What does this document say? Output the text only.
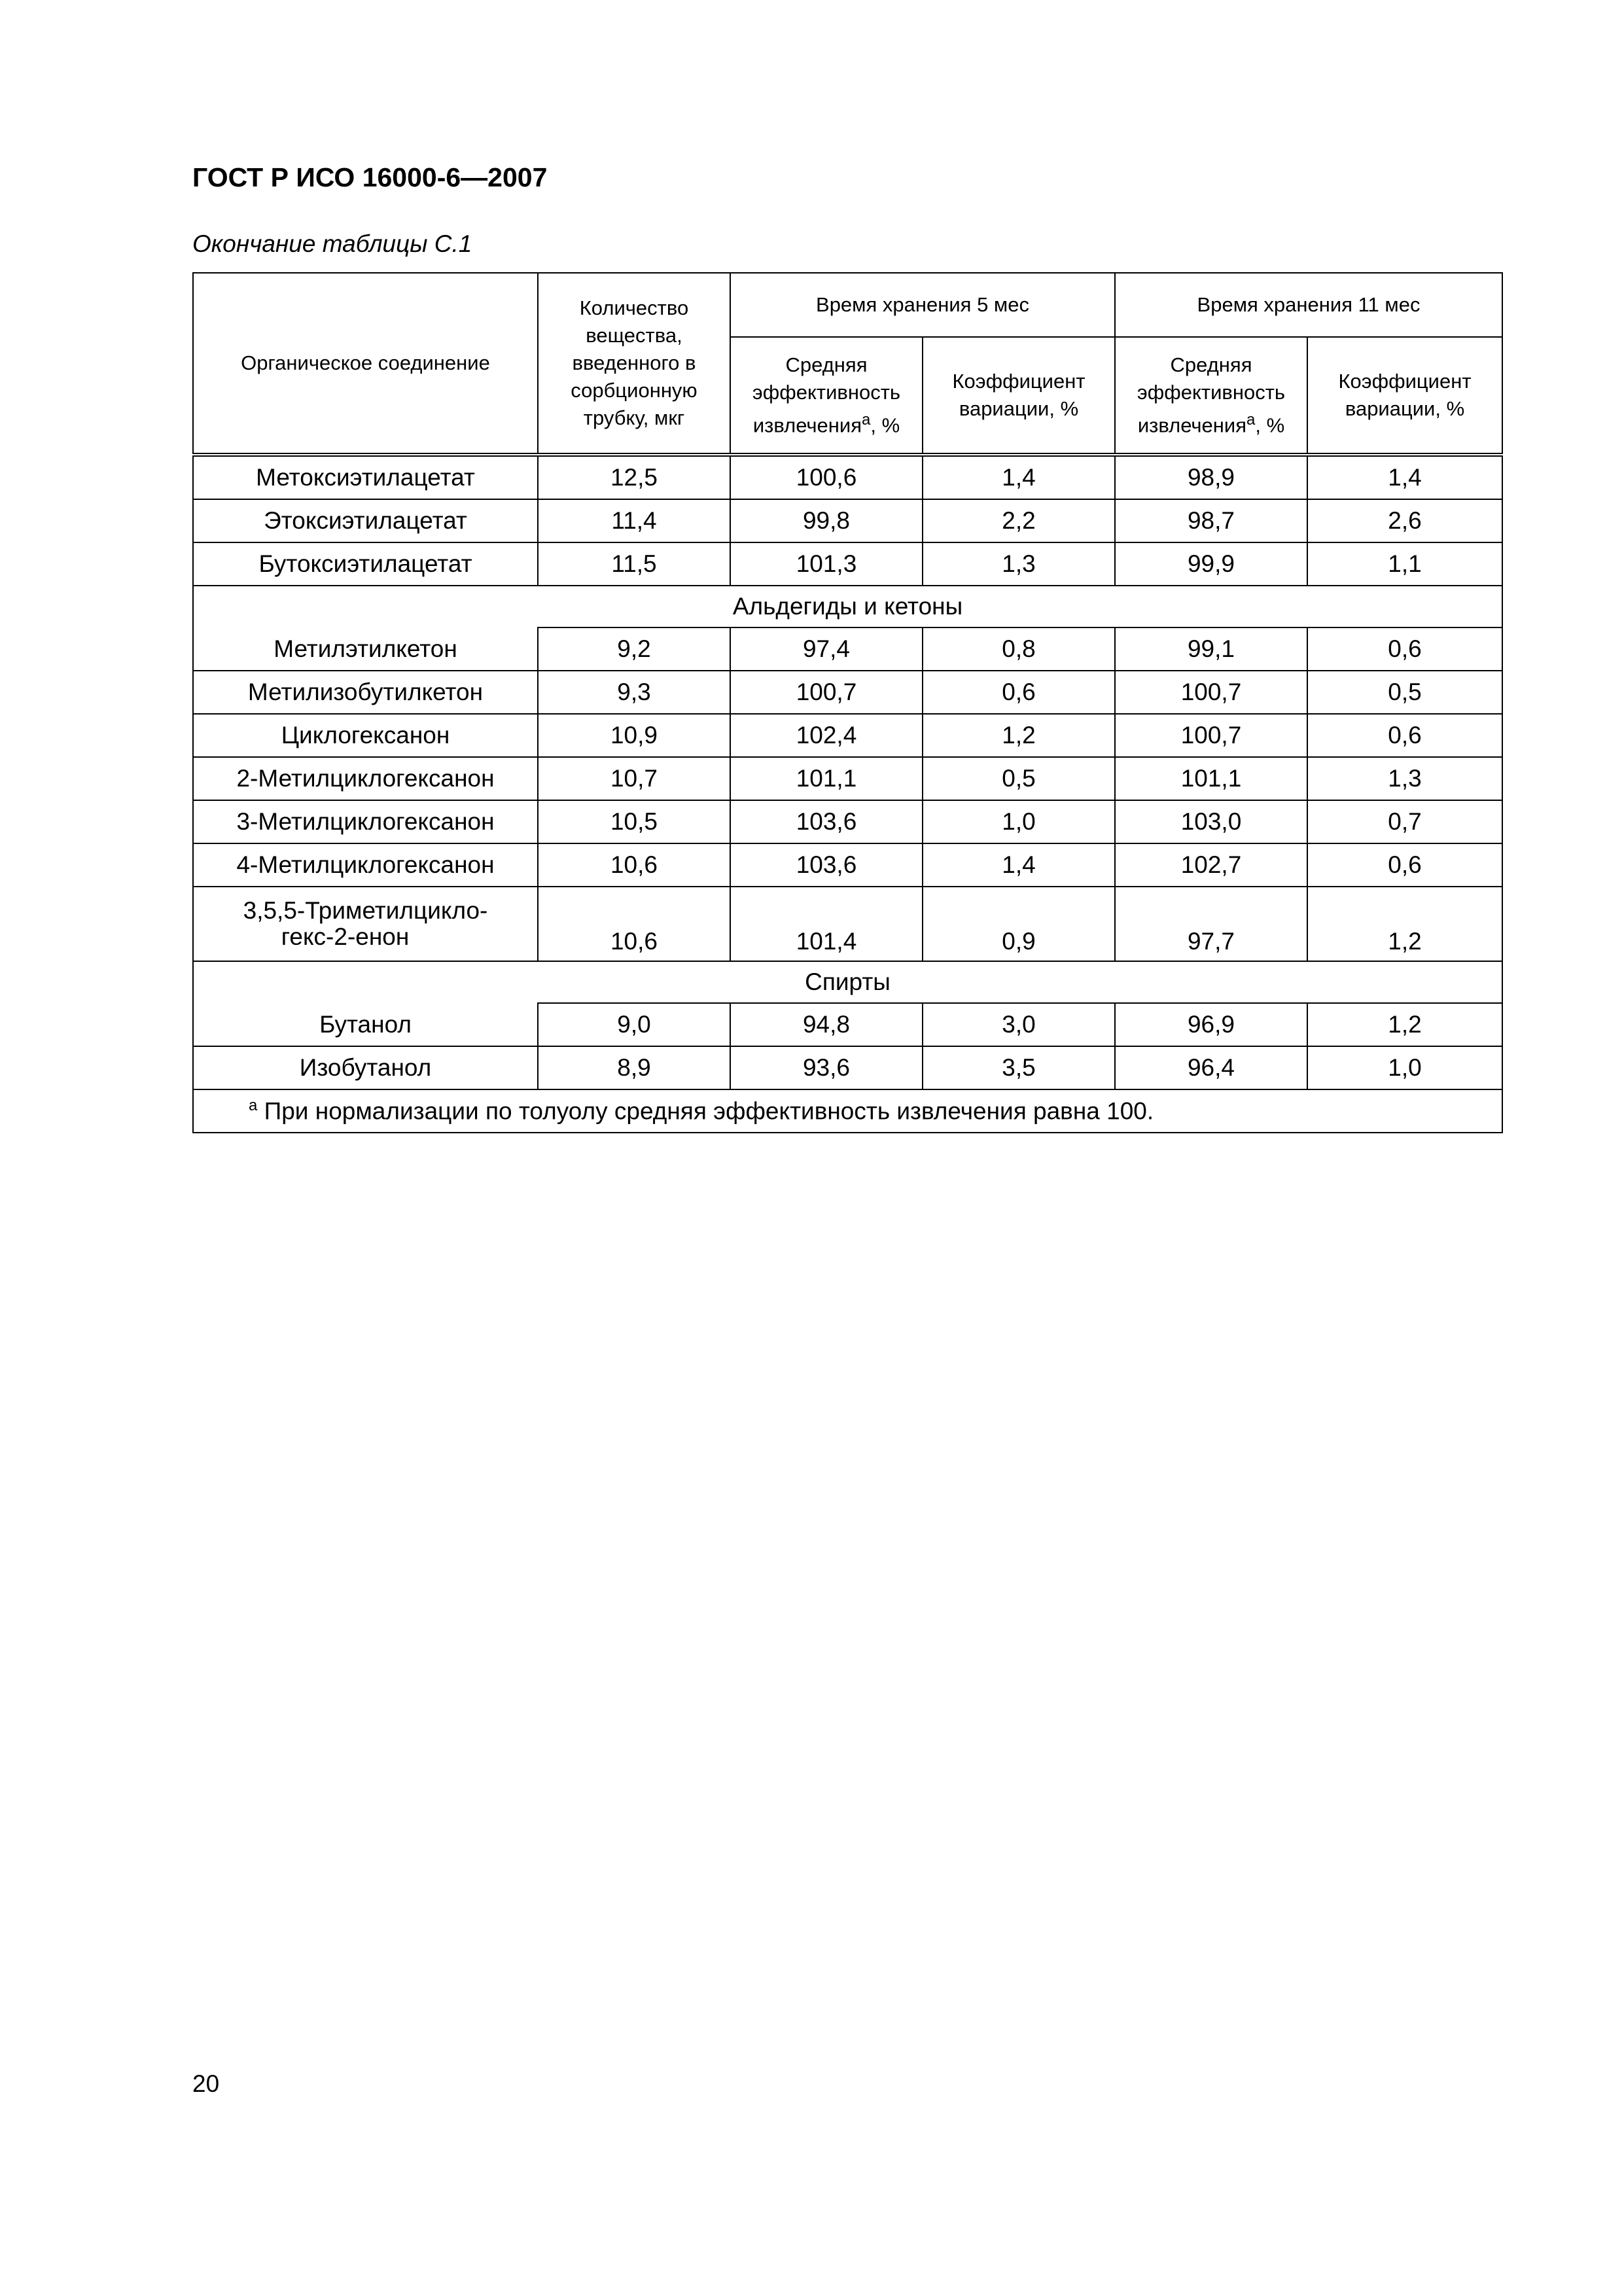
ГОСТ Р ИСО 16000-6—2007
Окончание таблицы С.1
Органическое соединение	Количество вещества, введенного в сорбционную трубку, мкг	Время хранения 5 мес		Время хранения 11 мес	
		Средняя эффективность извлечения$^a$, %	Коэффициент вариации, %	Средняя эффективность извлечения$^a$, %	Коэффициент вариации, %
Метоксиэтилацетат	12,5	100,6	1,4	98,9	1,4
Этоксиэтилацетат	11,4	99,8	2,2	98,7	2,6
Бутоксиэтилацетат	11,5	101,3	1,3	99,9	1,1
Альдегиды и кетоны					
Метилэтилкетон	9,2	97,4	0,8	99,1	0,6
Метилизобутилкетон	9,3	100,7	0,6	100,7	0,5
Циклогексанон	10,9	102,4	1,2	100,7	0,6
2-Метилциклогексанон	10,7	101,1	0,5	101,1	1,3
3-Метилциклогексанон	10,5	103,6	1,0	103,0	0,7
4-Метилциклогексанон	10,6	103,6	1,4	102,7	0,6
3,5,5-Триметилцикло-
гекс-2-енон	10,6	101,4	0,9	97,7	1,2
Спирты					
Бутанол	9,0	94,8	3,0	96,9	1,2
Изобутанол	8,9	93,6	3,5	96,4	1,0
$^a$ При нормализации по толуолу средняя эффективность извлечения равна 100.					
20
